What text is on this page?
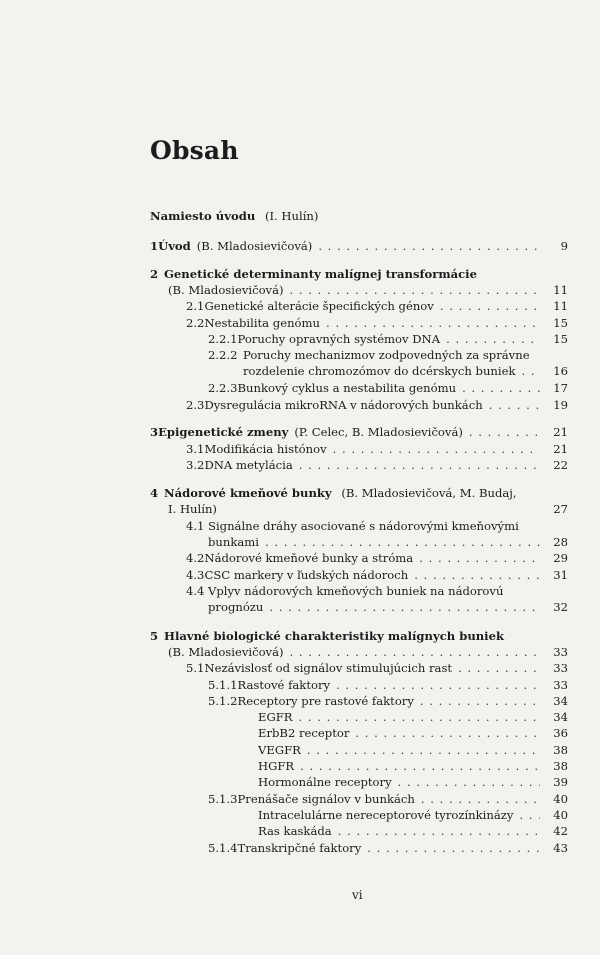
Obsah
Namiesto úvodu (I. Hulín)
1 Úvod (B. Mladosievičová) . . .	9
2 Genetické determinanty malígnej transformácie
(B. Mladosievičová) . . .	11
2.1 Genetické alterácie špecifických génov . . .	11
2.2 Nestabilita genómu . . .	15
2.2.1 Poruchy opravných systémov DNA . . .	15
2.2.2 Poruchy mechanizmov zodpovedných za správne
rozdelenie chromozómov do dcérskych buniek . . .	16
2.2.3 Bunkový cyklus a nestabilita genómu . . .	17
2.3 Dysregulácia mikroRNA v nádorových bunkách . . .	19
3 Epigenetické zmeny (P. Celec, B. Mladosievičová) . . .	21
3.1 Modifikácia histónov . . .	21
3.2 DNA metylácia . . .	22
4 Nádorové kmeňové bunky (B. Mladosievičová, M. Budaj,
I. Hulín)	27
4.1 Signálne dráhy asociované s nádorovými kmeňovými
bunkami . . .	28
4.2 Nádorové kmeňové bunky a stróma . . .	29
4.3 CSC markery v ľudských nádoroch . . .	31
4.4 Vplyv nádorových kmeňových buniek na nádorovú
prognózu . . .	32
5 Hlavné biologické charakteristiky malígnych buniek
(B. Mladosievičová) . . .	33
5.1 Nezávislosť od signálov stimulujúcich rast . . .	33
5.1.1 Rastové faktory . . .	33
5.1.2 Receptory pre rastové faktory . . .	34
EGFR . . .	34
ErbB2 receptor . . .	36
VEGFR . . .	38
HGFR . . .	38
Hormonálne receptory . . .	39
5.1.3 Prenášače signálov v bunkách . . .	40
Intracelulárne nereceptorové tyrozínkinázy . . .	40
Ras kaskáda . . .	42
5.1.4 Transkripčné faktory . . .	43
vi
